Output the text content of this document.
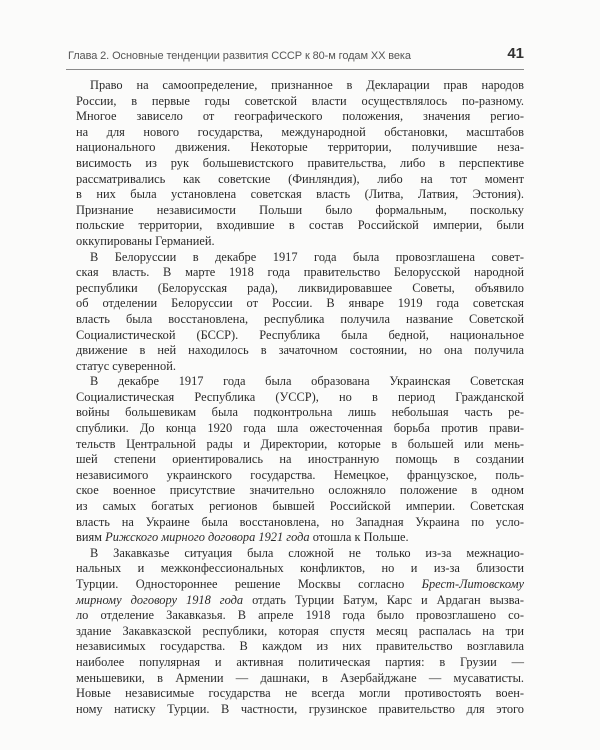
Глава 2. Основные тенденции развития СССР к 80-м годам XX века	41

Право на самоопределение, признанное в Декларации прав народов
России, в первые годы советской власти осуществлялось по-разному.
Многое зависело от географического положения, значения регио-
на для нового государства, международной обстановки, масштабов
национального движения. Некоторые территории, получившие неза-
висимость из рук большевистского правительства, либо в перспективе
рассматривались как советские (Финляндия), либо на тот момент
в них была установлена советская власть (Литва, Латвия, Эстония).
Признание независимости Польши было формальным, поскольку
польские территории, входившие в состав Российской империи, были
оккупированы Германией.

В Белоруссии в декабре 1917 года была провозглашена совет-
ская власть. В марте 1918 года правительство Белорусской народной
республики (Белорусская рада), ликвидировавшее Советы, объявило
об отделении Белоруссии от России. В январе 1919 года советская
власть была восстановлена, республика получила название Советской
Социалистической (БССР). Республика была бедной, национальное
движение в ней находилось в зачаточном состоянии, но она получила
статус суверенной.

В декабре 1917 года была образована Украинская Советская
Социалистическая Республика (УССР), но в период Гражданской
войны большевикам была подконтрольна лишь небольшая часть ре-
спублики. До конца 1920 года шла ожесточенная борьба против прави-
тельств Центральной рады и Директории, которые в большей или мень-
шей степени ориентировались на иностранную помощь в создании
независимого украинского государства. Немецкое, французское, поль-
ское военное присутствие значительно осложняло положение в одном
из самых богатых регионов бывшей Российской империи. Советская
власть на Украине была восстановлена, но Западная Украина по усло-
виям Рижского мирного договора 1921 года отошла к Польше.

В Закавказье ситуация была сложной не только из-за межнацио-
нальных и межконфессиональных конфликтов, но и из-за близости
Турции. Одностороннее решение Москвы согласно Брест-Литовскому
мирному договору 1918 года отдать Турции Батум, Карс и Ардаган вызва-
ло отделение Закавказья. В апреле 1918 года было провозглашено со-
здание Закавказской республики, которая спустя месяц распалась на три
независимых государства. В каждом из них правительство возглавила
наиболее популярная и активная политическая партия: в Грузии —
меньшевики, в Армении — дашнаки, в Азербайджане — мусаватисты.
Новые независимые государства не всегда могли противостоять воен-
ному натиску Турции. В частности, грузинское правительство для этого
